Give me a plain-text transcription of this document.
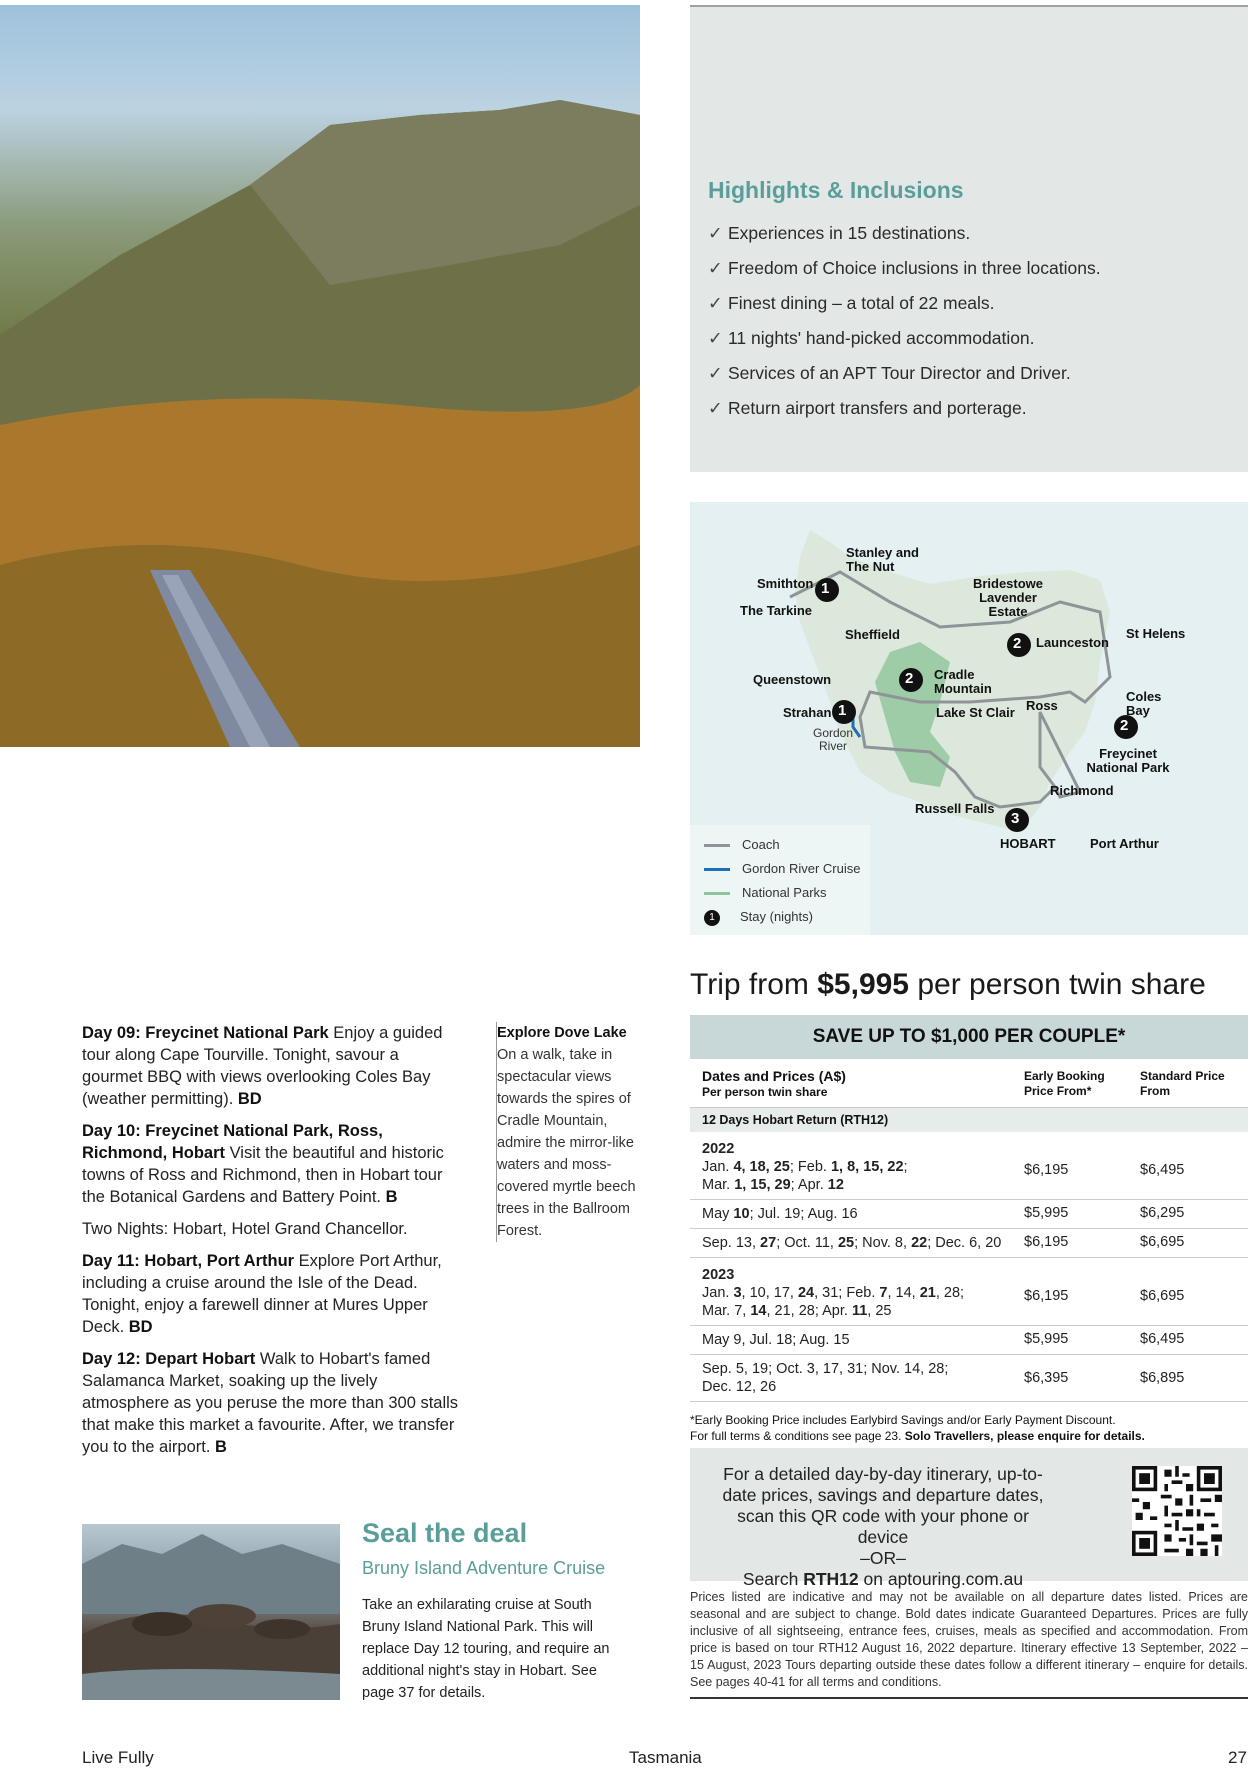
Highlights & Inclusions
✓ Experiences in 15 destinations.
✓ Freedom of Choice inclusions in three locations.
✓ Finest dining – a total of 22 meals.
✓ 11 nights' hand-picked accommodation.
✓ Services of an APT Tour Director and Driver.
✓ Return airport transfers and porterage.
Stanley and The Nut
Smithton
The Tarkine
Bridestowe Lavender Estate
Sheffield
Launceston
St Helens
Queenstown	Cradle Mountain
Strahan	Lake St Clair Ross
Coles Bay
Freycinet National Park
Richmond
Russell Falls
HOBART	Port Arthur
Gordon River
1
2
2
1
2
3
Coach
Gordon River Cruise
National Parks
1 Stay (nights)
Trip from $5,995 per person twin share
SAVE UP TO $1,000 PER COUPLE*
Dates and Prices (A$)
Per person twin share
Early Booking Price From*
Standard Price From
12 Days Hobart Return (RTH12)
2022
Jan. 4, 18, 25; Feb. 1, 8, 15, 22;
Mar. 1, 15, 29; Apr. 12
$6,195	$6,495
May 10; Jul. 19; Aug. 16	$5,995	$6,295
Sep. 13, 27; Oct. 11, 25; Nov. 8, 22; Dec. 6, 20 $6,195	$6,695
2023
Jan. 3, 10, 17, 24, 31; Feb. 7, 14, 21, 28;
Mar. 7, 14, 21, 28; Apr. 11, 25
$6,195	$6,695
May 9, Jul. 18; Aug. 15	$5,995	$6,495
Sep. 5, 19; Oct. 3, 17, 31; Nov. 14, 28;
Dec. 12, 26
$6,395	$6,895
*Early Booking Price includes Earlybird Savings and/or Early Payment Discount.
For full terms & conditions see page 23. Solo Travellers, please enquire for details.
For a detailed day-by-day itinerary, up-to-date prices, savings and departure dates, scan this QR code with your phone or device
–OR–
Search RTH12 on aptouring.com.au
Prices listed are indicative and may not be available on all departure dates listed. Prices are seasonal and are subject to change. Bold dates indicate Guaranteed Departures. Prices are fully inclusive of all sightseeing, entrance fees, cruises, meals as specified and accommodation. From price is based on tour RTH12 August 16, 2022 departure. Itinerary effective 13 September, 2022 – 15 August, 2023 Tours departing outside these dates follow a different itinerary – enquire for details. See pages 40-41 for all terms and conditions.

Day 09: Freycinet National Park Enjoy a guided tour along Cape Tourville. Tonight, savour a gourmet BBQ with views overlooking Coles Bay (weather permitting). BD

Day 10: Freycinet National Park, Ross, Richmond, Hobart Visit the beautiful and historic towns of Ross and Richmond, then in Hobart tour the Botanical Gardens and Battery Point. B

Two Nights: Hobart, Hotel Grand Chancellor.

Day 11: Hobart, Port Arthur Explore Port Arthur, including a cruise around the Isle of the Dead. Tonight, enjoy a farewell dinner at Mures Upper Deck. BD

Day 12: Depart Hobart Walk to Hobart's famed Salamanca Market, soaking up the lively atmosphere as you peruse the more than 300 stalls that make this market a favourite. After, we transfer you to the airport. B

Explore Dove Lake
On a walk, take in spectacular views towards the spires of Cradle Mountain, admire the mirror-like waters and moss-covered myrtle beech trees in the Ballroom Forest.
Seal the deal
Bruny Island Adventure Cruise
Take an exhilarating cruise at South Bruny Island National Park. This will replace Day 12 touring, and require an additional night's stay in Hobart. See page 37 for details.
Live Fully	Tasmania	27
